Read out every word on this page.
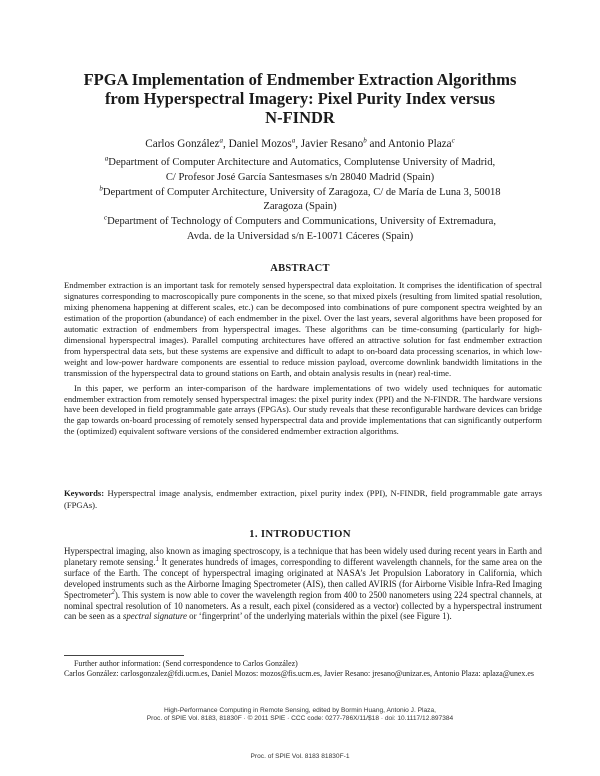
FPGA Implementation of Endmember Extraction Algorithms
from Hyperspectral Imagery: Pixel Purity Index versus
N-FINDR
Carlos González$^a$, Daniel Mozos$^a$, Javier Resano$^b$ and Antonio Plaza$^c$
$^a$Department of Computer Architecture and Automatics, Complutense University of Madrid,
C/ Profesor José García Santesmases s/n 28040 Madrid (Spain)
$^b$Department of Computer Architecture, University of Zaragoza, C/ de María de Luna 3, 50018
Zaragoza (Spain)
$^c$Department of Technology of Computers and Communications, University of Extremadura,
Avda. de la Universidad s/n E-10071 Cáceres (Spain)
ABSTRACT

Endmember extraction is an important task for remotely sensed hyperspectral data exploitation. It comprises the identification of spectral signatures corresponding to macroscopically pure components in the scene, so that mixed pixels (resulting from limited spatial resolution, mixing phenomena happening at different scales, etc.) can be decomposed into combinations of pure component spectra weighted by an estimation of the proportion (abundance) of each endmember in the pixel. Over the last years, several algorithms have been proposed for automatic extraction of endmembers from hyperspectral images. These algorithms can be time-consuming (particularly for high-dimensional hyperspectral images). Parallel computing architectures have offered an attractive solution for fast endmember extraction from hyperspectral data sets, but these systems are expensive and difficult to adapt to on-board data processing scenarios, in which low-weight and low-power hardware components are essential to reduce mission payload, overcome downlink bandwidth limitations in the transmission of the hyperspectral data to ground stations on Earth, and obtain analysis results in (near) real-time.

In this paper, we perform an inter-comparison of the hardware implementations of two widely used techniques for automatic endmember extraction from remotely sensed hyperspectral images: the pixel purity index (PPI) and the N-FINDR. The hardware versions have been developed in field programmable gate arrays (FPGAs). Our study reveals that these reconfigurable hardware devices can bridge the gap towards on-board processing of remotely sensed hyperspectral data and provide implementations that can significantly outperform the (optimized) equivalent software versions of the considered endmember extraction algorithms.

Keywords: Hyperspectral image analysis, endmember extraction, pixel purity index (PPI), N-FINDR, field programmable gate arrays (FPGAs).
1. INTRODUCTION
Hyperspectral imaging, also known as imaging spectroscopy, is a technique that has been widely used during recent years in Earth and planetary remote sensing.$^1$ It generates hundreds of images, corresponding to different wavelength channels, for the same area on the surface of the Earth. The concept of hyperspectral imaging originated at NASA’s Jet Propulsion Laboratory in California, which developed instruments such as the Airborne Imaging Spectrometer (AIS), then called AVIRIS (for Airborne Visible Infra-Red Imaging Spectrometer$^2$). This system is now able to cover the wavelength region from 400 to 2500 nanometers using 224 spectral channels, at nominal spectral resolution of 10 nanometers. As a result, each pixel (considered as a vector) collected by a hyperspectral instrument can be seen as a spectral signature or ‘fingerprint’ of the underlying materials within the pixel (see Figure 1).

Further author information: (Send correspondence to Carlos González)

Carlos González: carlosgonzalez@fdi.ucm.es, Daniel Mozos: mozos@fis.ucm.es, Javier Resano: jresano@unizar.es, Antonio Plaza: aplaza@unex.es

High-Performance Computing in Remote Sensing, edited by Bormin Huang, Antonio J. Plaza,
Proc. of SPIE Vol. 8183, 81830F · © 2011 SPIE · CCC code: 0277-786X/11/$18 · doi: 10.1117/12.897384
Proc. of SPIE Vol. 8183 81830F-1
